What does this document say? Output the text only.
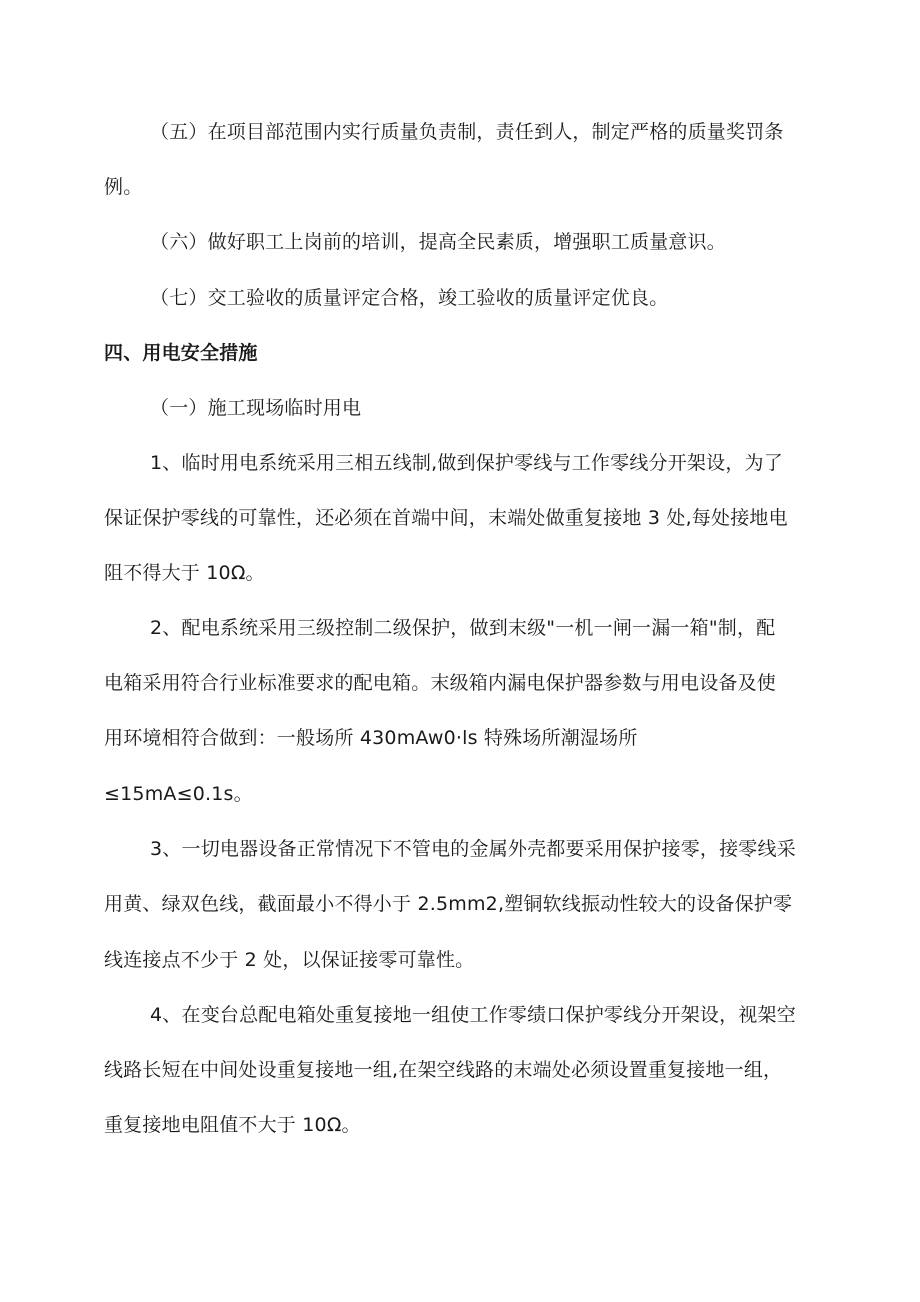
（五）在项目部范围内实行质量负责制，责任到人，制定严格的质量奖罚条
例。
（六）做好职工上岗前的培训，提高全民素质，增强职工质量意识。
（七）交工验收的质量评定合格，竣工验收的质量评定优良。
四、用电安全措施
（一）施工现场临时用电
1、临时用电系统采用三相五线制,做到保护零线与工作零线分开架设，为了
保证保护零线的可靠性，还必须在首端中间，末端处做重复接地 3 处,每处接地电
阻不得大于 10Ω。
2、配电系统采用三级控制二级保护，做到末级"一机一闸一漏一箱"制，配
电箱采用符合行业标准要求的配电箱。末级箱内漏电保护器参数与用电设备及使
用环境相符合做到：一般场所 430mAw0·ls 特殊场所潮湿场所
≤15mA≤0.1s。
3、一切电器设备正常情况下不管电的金属外壳都要采用保护接零，接零线采
用黄、绿双色线，截面最小不得小于 2.5mm2,塑铜软线振动性较大的设备保护零
线连接点不少于 2 处，以保证接零可靠性。
4、在变台总配电箱处重复接地一组使工作零绩口保护零线分开架设，视架空
线路长短在中间处设重复接地一组,在架空线路的末端处必须设置重复接地一组，
重复接地电阻值不大于 10Ω。
